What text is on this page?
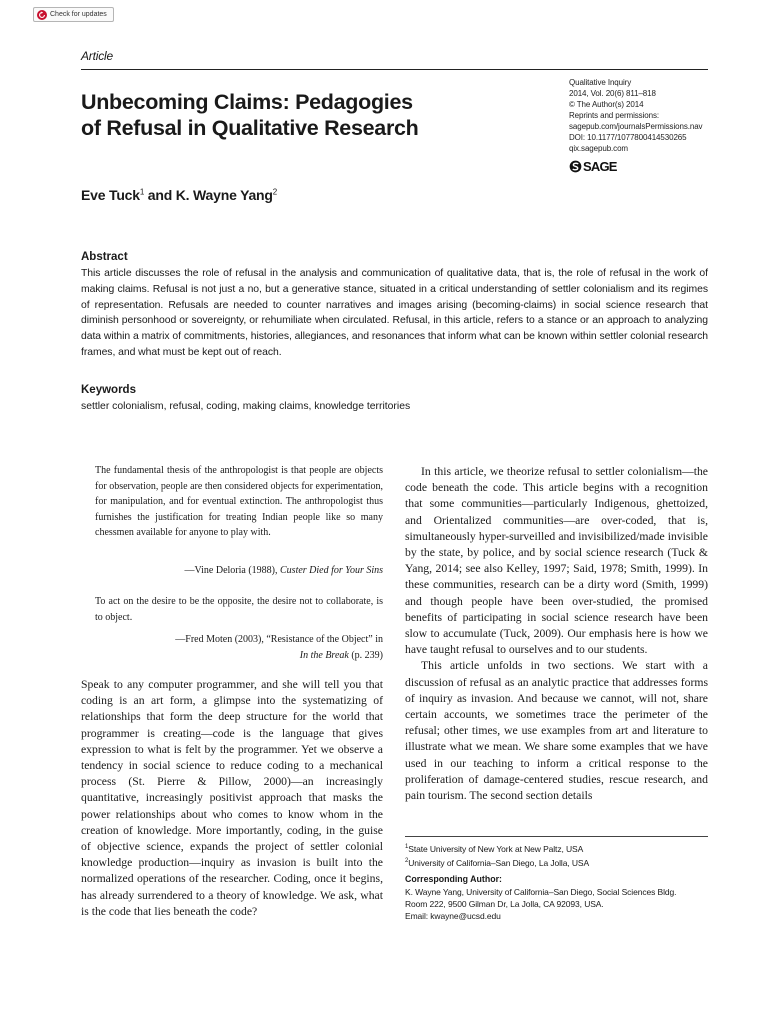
Check for updates
Article
Unbecoming Claims: Pedagogies
of Refusal in Qualitative Research
Qualitative Inquiry
2014, Vol. 20(6) 811–818
© The Author(s) 2014
Reprints and permissions:
sagepub.com/journalsPermissions.nav
DOI: 10.1177/1077800414530265
qix.sagepub.com
SAGE
Eve Tuck$^1$ and K. Wayne Yang$^2$
Abstract

This article discusses the role of refusal in the analysis and communication of qualitative data, that is, the role of refusal in the work of making claims. Refusal is not just a no, but a generative stance, situated in a critical understanding of settler colonialism and its regimes of representation. Refusals are needed to counter narratives and images arising (becoming-claims) in social science research that diminish personhood or sovereignty, or rehumiliate when circulated. Refusal, in this article, refers to a stance or an approach to analyzing data within a matrix of commitments, histories, allegiances, and resonances that inform what can be known within settler colonial research frames, and what must be kept out of reach.

Keywords
settler colonialism, refusal, coding, making claims, knowledge territories

The fundamental thesis of the anthropologist is that people are objects for observation, people are then considered objects for experimentation, for manipulation, and for eventual extinction. The anthropologist thus furnishes the justification for treating Indian people like so many chessmen available for anyone to play with.

—Vine Deloria (1988), Custer Died for Your Sins

To act on the desire to be the opposite, the desire not to collaborate, is to object.

—Fred Moten (2003), “Resistance of the Object” in
In the Break (p. 239)

Speak to any computer programmer, and she will tell you that coding is an art form, a glimpse into the systematizing of relationships that form the deep structure for the world that programmer is creating—code is the language that gives expression to what is felt by the programmer. Yet we observe a tendency in social science to reduce coding to a mechanical process (St. Pierre & Pillow, 2000)—an increasingly quantitative, increasingly positivist approach that masks the power relationships about who comes to know whom in the creation of knowledge. More importantly, coding, in the guise of objective science, expands the project of settler colonial knowledge production—inquiry as invasion is built into the normalized operations of the researcher. Coding, once it begins, has already surrendered to a theory of knowledge. We ask, what is the code that lies beneath the code?

In this article, we theorize refusal to settler colonialism—the code beneath the code. This article begins with a recognition that some communities—particularly Indigenous, ghettoized, and Orientalized communities—are over-coded, that is, simultaneously hyper-surveilled and invisibilized/made invisible by the state, by police, and by social science research (Tuck & Yang, 2014; see also Kelley, 1997; Said, 1978; Smith, 1999). In these communities, research can be a dirty word (Smith, 1999) and though people have been over-studied, the promised benefits of participating in social science research have been slow to accumulate (Tuck, 2009). Our emphasis here is how we have taught refusal to ourselves and to our students.

This article unfolds in two sections. We start with a discussion of refusal as an analytic practice that addresses forms of inquiry as invasion. And because we cannot, will not, share certain accounts, we sometimes trace the perimeter of the refusal; other times, we use examples from art and literature to illustrate what we mean. We share some examples that we have used in our teaching to inform a critical response to the proliferation of damage-centered studies, rescue research, and pain tourism. The second section details

$^1$State University of New York at New Paltz, USA
$^2$University of California–San Diego, La Jolla, USA
Corresponding Author:
K. Wayne Yang, University of California–San Diego, Social Sciences Bldg.
Room 222, 9500 Gilman Dr, La Jolla, CA 92093, USA.
Email: kwayne@ucsd.edu
